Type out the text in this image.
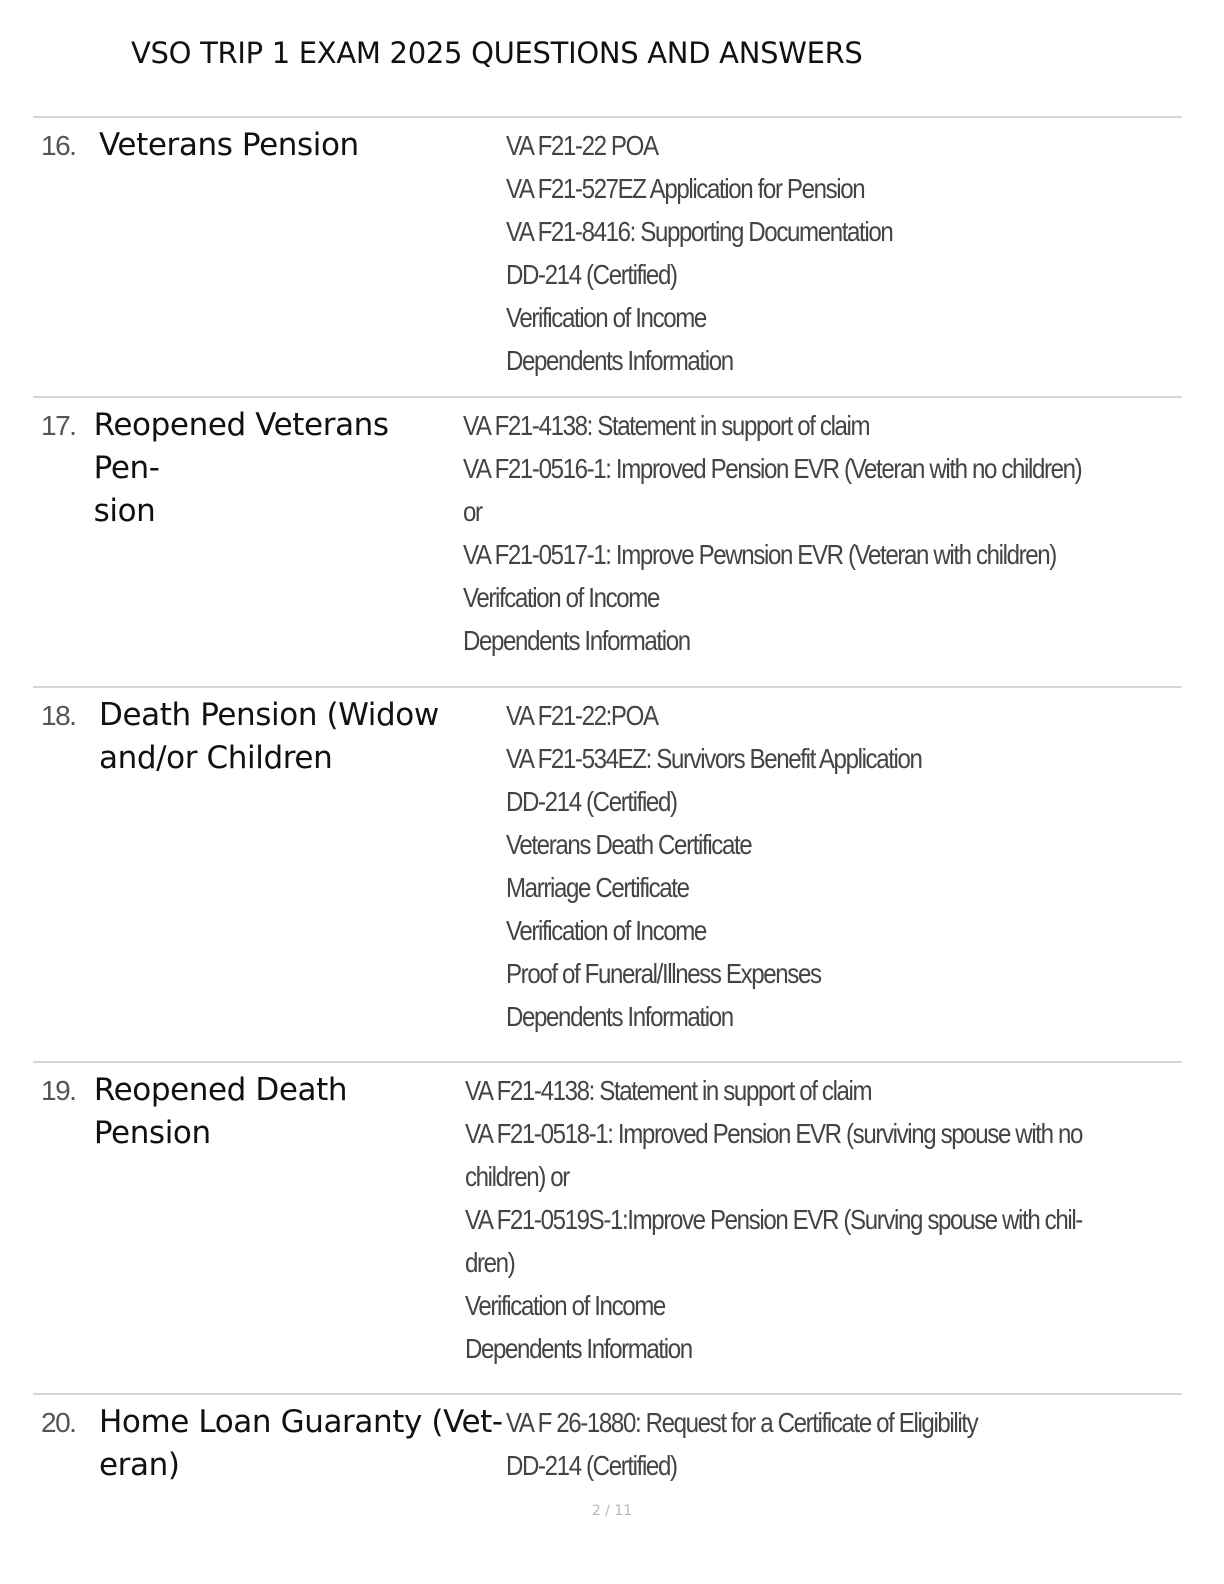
VSO TRIP 1 EXAM 2025 QUESTIONS AND ANSWERS
16. Veterans Pension	VA F21-22 POA
VA F21-527EZ Application for Pension
VA F21-8416: Supporting Documentation
DD-214 (Certified)
Verification of Income
Dependents Information
17. Reopened Veterans Pen-
sion
VA F21-4138: Statement in support of claim
VA F21-0516-1: Improved Pension EVR (Veteran with no children)
or
VA F21-0517-1: Improve Pewnsion EVR (Veteran with children)
Verifcation of Income
Dependents Information
18. Death Pension (Widow
and/or Children
VA F21-22:POA
VA F21-534EZ: Survivors Benefit Application
DD-214 (Certified)
Veterans Death Certificate
Marriage Certificate
Verification of Income
Proof of Funeral/Illness Expenses
Dependents Information
19. Reopened Death Pension
VA F21-4138: Statement in support of claim
VA F21-0518-1: Improved Pension EVR (surviving spouse with no
children) or
VA F21-0519S-1:Improve Pension EVR (Surving spouse with chil-
dren)
Verification of Income
Dependents Information
20. Home Loan Guaranty (Vet-
eran)
VA F 26-1880: Request for a Certificate of Eligibility
DD-214 (Certified)
2 / 11
